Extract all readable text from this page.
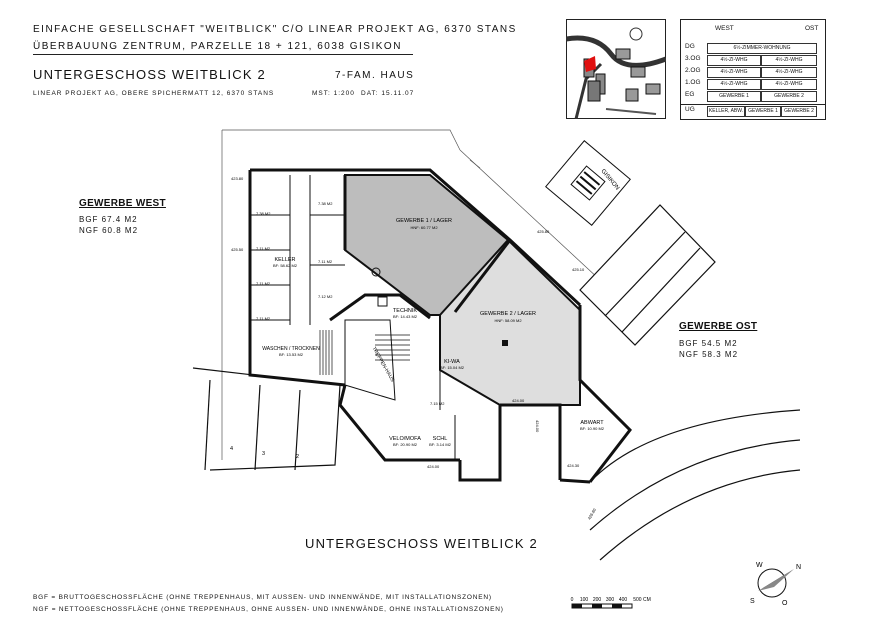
EINFACHE GESELLSCHAFT "WEITBLICK" C/O LINEAR PROJEKT AG, 6370 STANS
ÜBERBAUUNG ZENTRUM, PARZELLE 18 + 121, 6038 GISIKON
UNTERGESCHOSS WEITBLICK 2	7-FAM. HAUS
LINEAR PROJEKT AG, OBERE SPICHERMATT 12, 6370 STANS	MST: 1:200 DAT: 15.11.07
WEST	OST
DG	6½-ZIMMER-WOHNUNG
3.OG	4½-ZI-WHG	4½-ZI-WHG
2.OG	4½-ZI-WHG	4½-ZI-WHG
1.OG	4½-ZI-WHG	4½-ZI-WHG
EG	GEWERBE 1	GEWERBE 2
UG	KELLER, ABW.	GEWERBE 1	GEWERBE 2
GEWERBE WEST
BGF 67.4 M2
NGF 60.8 M2
GEWERBE OST
BGF 54.5 M2
NGF 58.3 M2
GISIKON
4
3	2
GEWERBE 1 / LAGER
HNF: 60.77 M2
GEWERBE 2 / LAGER
HNF: 58.09 M2
KELLER
BF: 58.62 M2
TECHNIK
BF: 14.43 M2
WASCHEN / TROCKNEN
BF: 13.53 M2	TREPPEN-HAUS	KI-WA
BF: 15.04 M2
VELO/MOFA
BF: 20.90 M2
SCHL
BF: 3.14 M2
ABWART
BF: 10.90 M2
7.38 M2
7.38 M2
7.11 M2
7.11 M2
7.11 M2
7.12 M2
7.11 M2
7.15 M2
423.80
425.50
425.80
425.10
424.00
424.30
424.00
426.60
424.00
UNTERGESCHOSS WEITBLICK 2
BGF = BRUTTOGESCHOSSFLÄCHE (OHNE TREPPENHAUS, MIT AUSSEN- UND INNENWÄNDE, MIT INSTALLATIONSZONEN)
NGF = NETTOGESCHOSSFLÄCHE (OHNE TREPPENHAUS, OHNE AUSSEN- UND INNENWÄNDE, OHNE INSTALLATIONSZONEN)
0 100 200 300 400 500 CM
N
S
W
O
